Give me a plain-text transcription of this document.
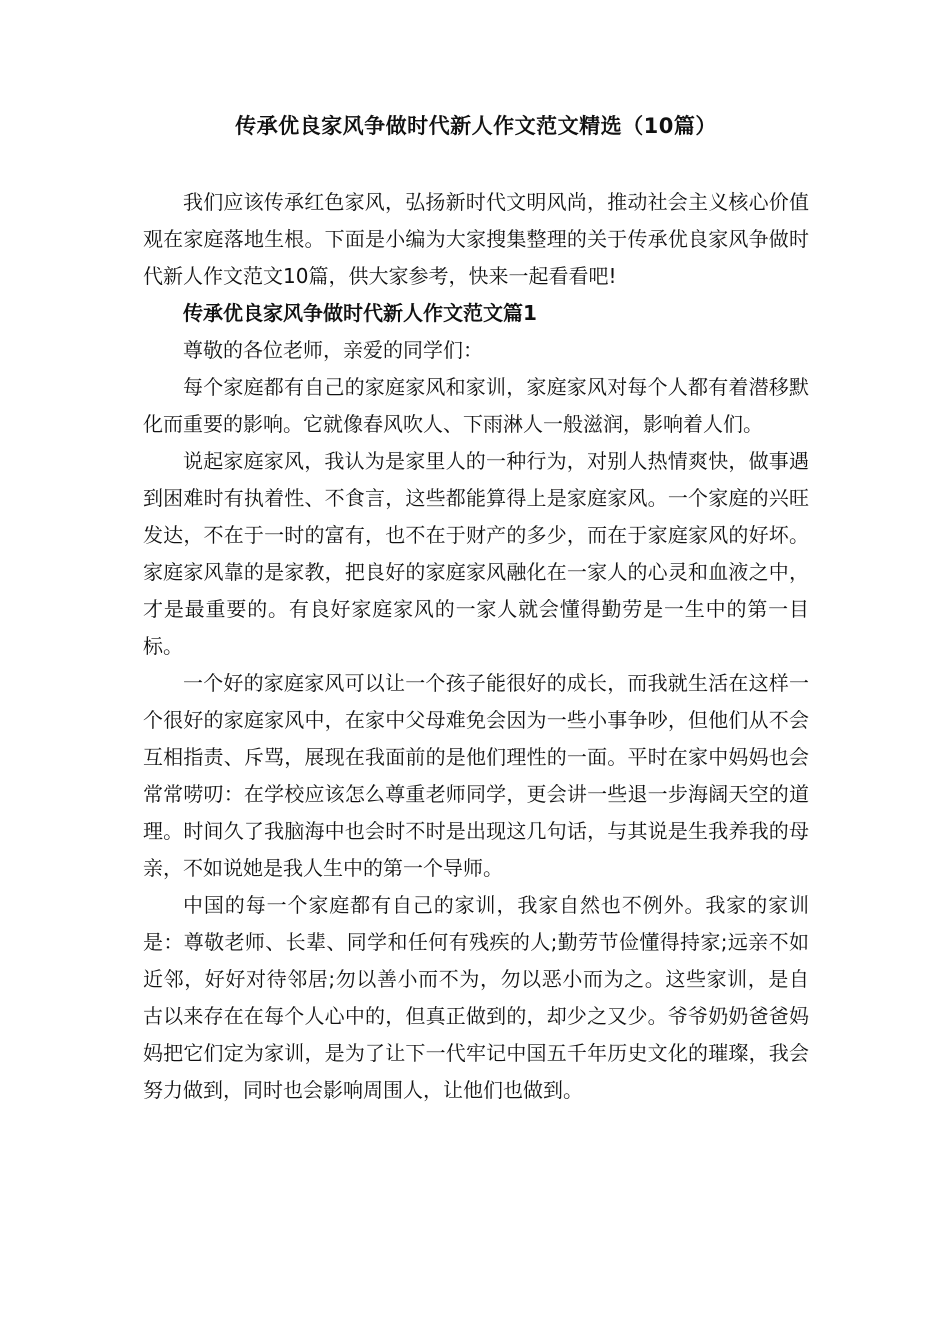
传承优良家风争做时代新人作文范文精选（10篇）

我们应该传承红色家风，弘扬新时代文明风尚，推动社会主义核心价值观在家庭落地生根。下面是小编为大家搜集整理的关于传承优良家风争做时代新人作文范文10篇，供大家参考，快来一起看看吧!

传承优良家风争做时代新人作文范文篇1

尊敬的各位老师，亲爱的同学们：

每个家庭都有自己的家庭家风和家训，家庭家风对每个人都有着潜移默化而重要的影响。它就像春风吹人、下雨淋人一般滋润，影响着人们。

说起家庭家风，我认为是家里人的一种行为，对别人热情爽快，做事遇到困难时有执着性、不食言，这些都能算得上是家庭家风。一个家庭的兴旺发达，不在于一时的富有，也不在于财产的多少，而在于家庭家风的好坏。家庭家风靠的是家教，把良好的家庭家风融化在一家人的心灵和血液之中，才是最重要的。有良好家庭家风的一家人就会懂得勤劳是一生中的第一目标。

一个好的家庭家风可以让一个孩子能很好的成长，而我就生活在这样一个很好的家庭家风中，在家中父母难免会因为一些小事争吵，但他们从不会互相指责、斥骂，展现在我面前的是他们理性的一面。平时在家中妈妈也会常常唠叨：在学校应该怎么尊重老师同学，更会讲一些退一步海阔天空的道理。时间久了我脑海中也会时不时是出现这几句话，与其说是生我养我的母亲，不如说她是我人生中的第一个导师。

中国的每一个家庭都有自己的家训，我家自然也不例外。我家的家训是：尊敬老师、长辈、同学和任何有残疾的人;勤劳节俭懂得持家;远亲不如近邻，好好对待邻居;勿以善小而不为，勿以恶小而为之。这些家训，是自古以来存在在每个人心中的，但真正做到的，却少之又少。爷爷奶奶爸爸妈妈把它们定为家训，是为了让下一代牢记中国五千年历史文化的璀璨，我会努力做到，同时也会影响周围人，让他们也做到。
